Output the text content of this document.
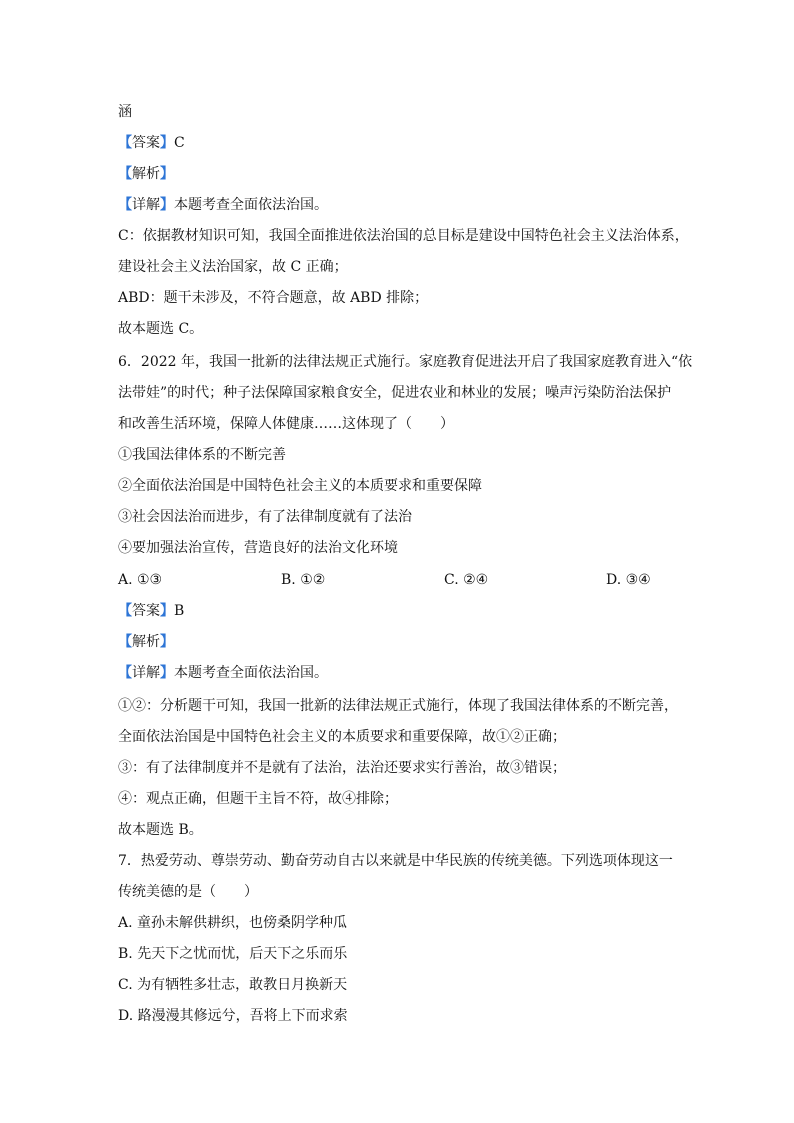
涵
【答案】C
【解析】
【详解】本题考查全面依法治国。
C：依据教材知识可知，我国全面推进依法治国的总目标是建设中国特色社会主义法治体系，
建设社会主义法治国家，故 C 正确；
ABD：题干未涉及，不符合题意，故 ABD 排除；
故本题选 C。
6．2022 年，我国一批新的法律法规正式施行。家庭教育促进法开启了我国家庭教育进入“依
法带娃”的时代；种子法保障国家粮食安全，促进农业和林业的发展；噪声污染防治法保护
和改善生活环境，保障人体健康……这体现了（　　）
①我国法律体系的不断完善
②全面依法治国是中国特色社会主义的本质要求和重要保障
③社会因法治而进步，有了法律制度就有了法治
④要加强法治宣传，营造良好的法治文化环境
A. ①③	B. ①②	C. ②④	D. ③④
【答案】B
【解析】
【详解】本题考查全面依法治国。
①②：分析题干可知，我国一批新的法律法规正式施行，体现了我国法律体系的不断完善，
全面依法治国是中国特色社会主义的本质要求和重要保障，故①②正确；
③：有了法律制度并不是就有了法治，法治还要求实行善治，故③错误；
④：观点正确，但题干主旨不符，故④排除；
故本题选 B。
7．热爱劳动、尊崇劳动、勤奋劳动自古以来就是中华民族的传统美德。下列选项体现这一
传统美德的是（　　）
A. 童孙未解供耕织，也傍桑阴学种瓜
B. 先天下之忧而忧，后天下之乐而乐
C. 为有牺牲多壮志，敢教日月换新天
D. 路漫漫其修远兮，吾将上下而求索
